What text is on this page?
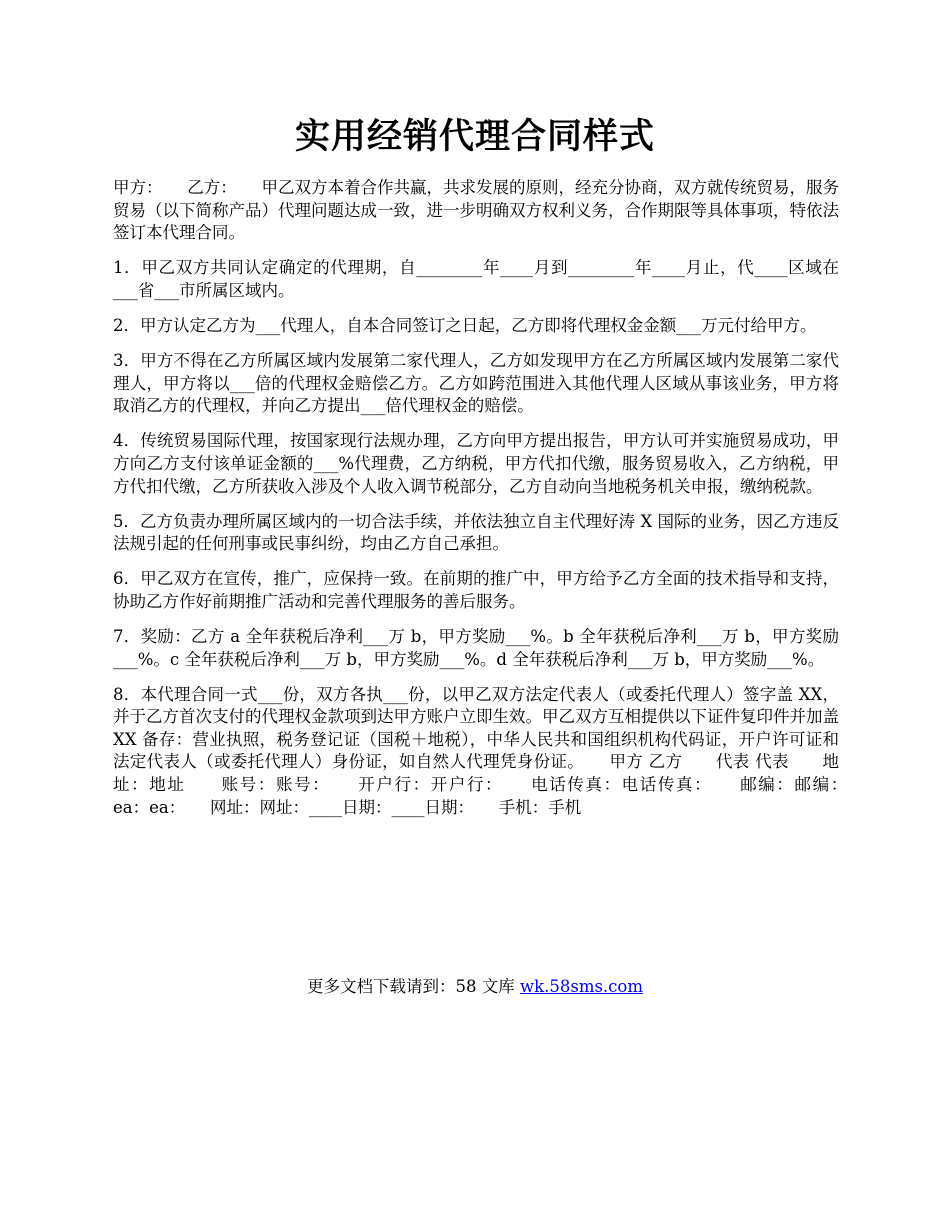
实用经销代理合同样式

甲方：　　乙方：　　甲乙双方本着合作共赢，共求发展的原则，经充分协商，双方就传统贸易，服务贸易（以下简称产品）代理问题达成一致，进一步明确双方权利义务，合作期限等具体事项，特依法签订本代理合同。

1．甲乙双方共同认定确定的代理期，自________年____月到________年____月止，代____区域在___省___市所属区域内。

2．甲方认定乙方为___代理人，自本合同签订之日起，乙方即将代理权金金额___万元付给甲方。

3．甲方不得在乙方所属区域内发展第二家代理人，乙方如发现甲方在乙方所属区域内发展第二家代理人，甲方将以___倍的代理权金赔偿乙方。乙方如跨范围进入其他代理人区域从事该业务，甲方将取消乙方的代理权，并向乙方提出___倍代理权金的赔偿。

4．传统贸易国际代理，按国家现行法规办理，乙方向甲方提出报告，甲方认可并实施贸易成功，甲方向乙方支付该单证金额的___%代理费，乙方纳税，甲方代扣代缴，服务贸易收入，乙方纳税，甲方代扣代缴，乙方所获收入涉及个人收入调节税部分，乙方自动向当地税务机关申报，缴纳税款。

5．乙方负责办理所属区域内的一切合法手续，并依法独立自主代理好涛 X 国际的业务，因乙方违反法规引起的任何刑事或民事纠纷，均由乙方自己承担。

6．甲乙双方在宣传，推广，应保持一致。在前期的推广中，甲方给予乙方全面的技术指导和支持，协助乙方作好前期推广活动和完善代理服务的善后服务。

7．奖励：乙方 a 全年获税后净利___万 b，甲方奖励___%。b 全年获税后净利___万 b，甲方奖励___%。c 全年获税后净利___万 b，甲方奖励___%。d 全年获税后净利___万 b，甲方奖励___%。

8．本代理合同一式___份，双方各执___份，以甲乙双方法定代表人（或委托代理人）签字盖 XX，并于乙方首次支付的代理权金款项到达甲方账户立即生效。甲乙双方互相提供以下证件复印件并加盖 XX 备存：营业执照，税务登记证（国税＋地税），中华人民共和国组织机构代码证，开户许可证和法定代表人（或委托代理人）身份证，如自然人代理凭身份证。　　甲方 乙方　　代表 代表　　地址：地址　　账号：账号：　　开户行：开户行：　　电话传真：电话传真：　　邮编：邮编：　　ea：ea：　　网址：网址：____日期：____日期：　　手机：手机

更多文档下载请到：58 文库 wk.58sms.com
